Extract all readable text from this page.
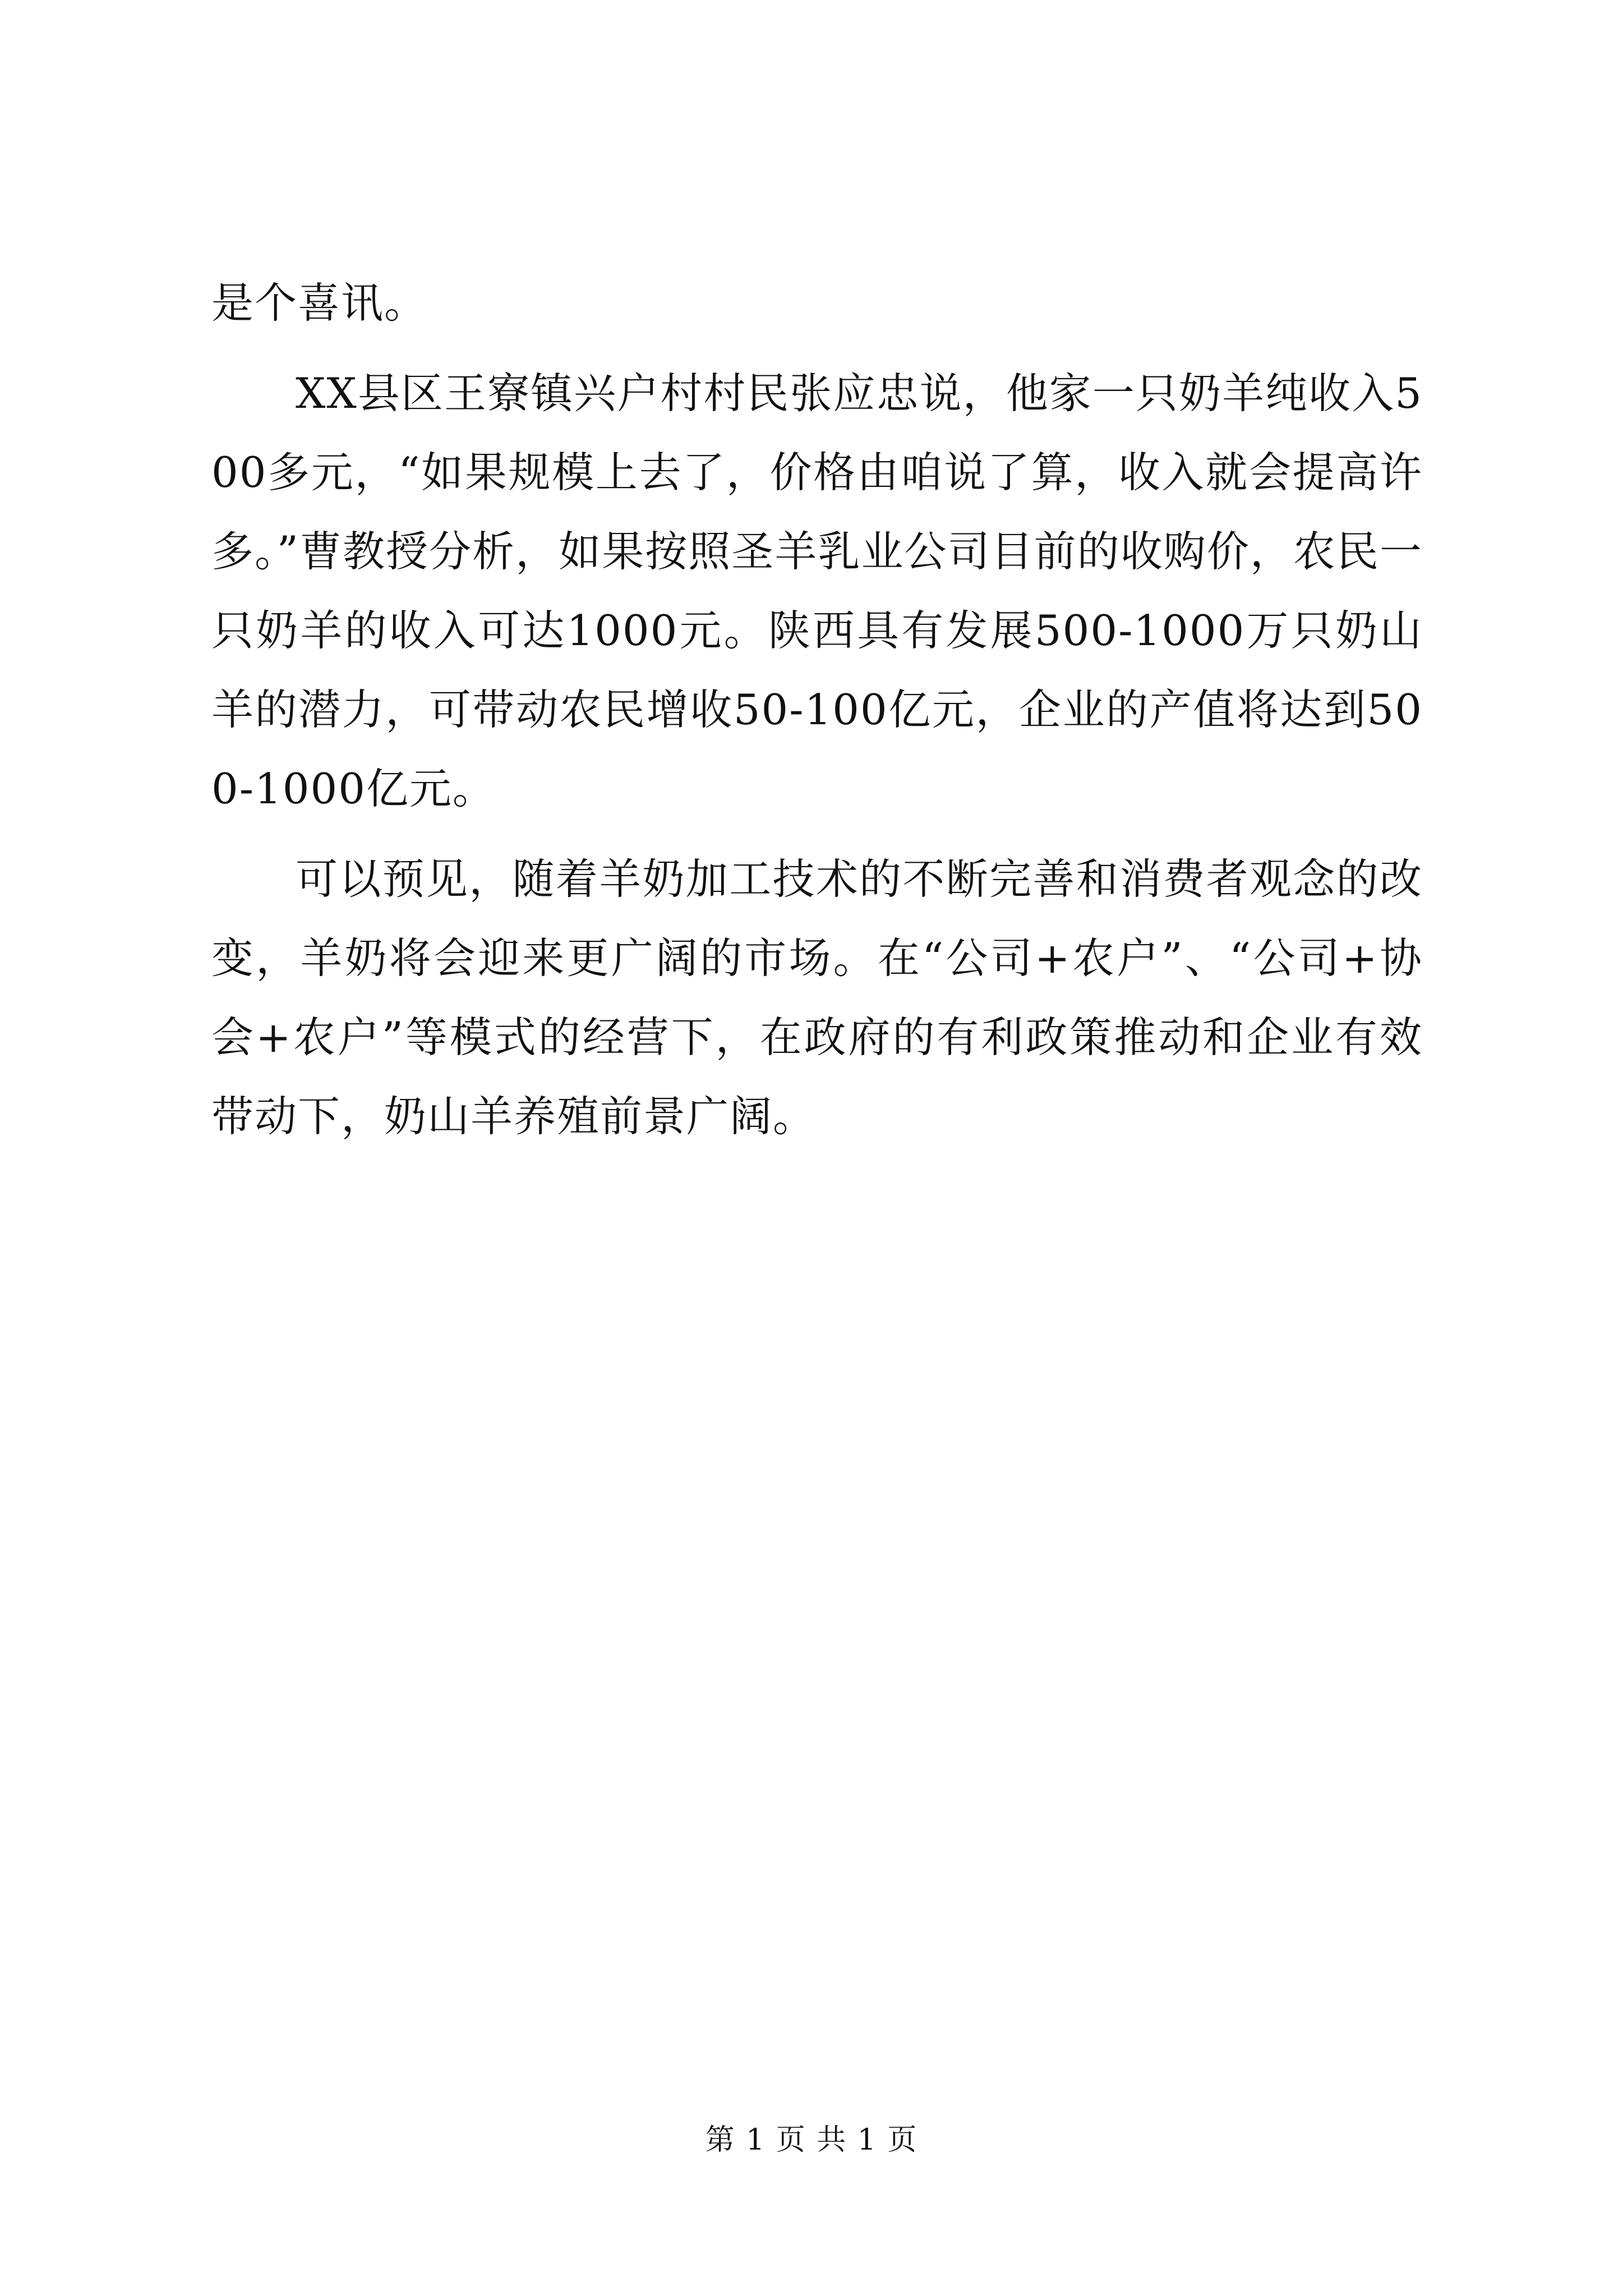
是个喜讯。

XX县区王寮镇兴户村村民张应忠说，他家一只奶羊纯收入500多元，“如果规模上去了，价格由咱说了算，收入就会提高许多。”曹教授分析，如果按照圣羊乳业公司目前的收购价，农民一只奶羊的收入可达1000元。陕西具有发展500-1000万只奶山羊的潜力，可带动农民增收50-100亿元，企业的产值将达到500-1000亿元。

可以预见，随着羊奶加工技术的不断完善和消费者观念的改变，羊奶将会迎来更广阔的市场。在“公司+农户”、“公司+协会+农户”等模式的经营下，在政府的有利政策推动和企业有效带动下，奶山羊养殖前景广阔。

第 1 页 共 1 页
